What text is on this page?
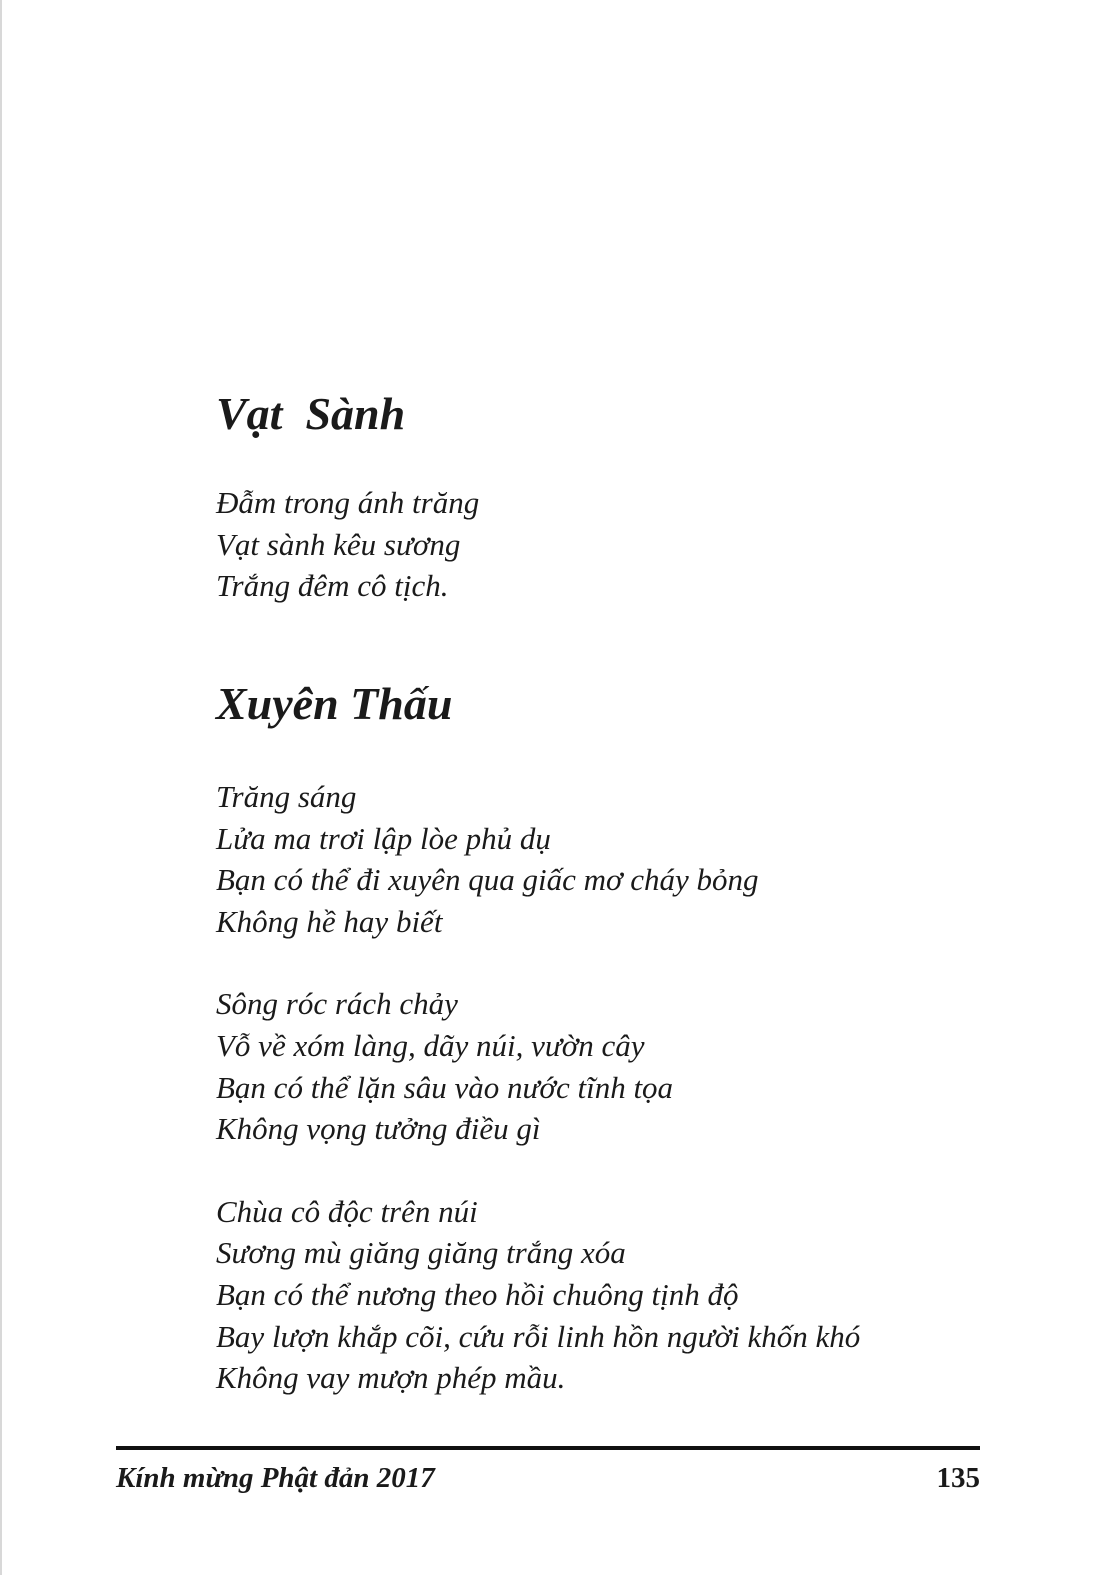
Vạt  Sành

Đẫm trong ánh trăng
Vạt sành kêu sương
Trắng đêm cô tịch.

Xuyên Thấu

Trăng sáng
Lửa ma trơi lập lòe phủ dụ
Bạn có thể đi xuyên qua giấc mơ cháy bỏng
Không hề hay biết

Sông róc rách chảy
Vỗ về xóm làng, dãy núi, vườn cây
Bạn có thể lặn sâu vào nước tĩnh tọa
Không vọng tưởng điều gì

Chùa cô độc trên núi
Sương mù giăng giăng trắng xóa
Bạn có thể nương theo hồi chuông tịnh độ
Bay lượn khắp cõi, cứu rỗi linh hồn người khốn khó
Không vay mượn phép mầu.

Kính mừng Phật đản 2017	135
